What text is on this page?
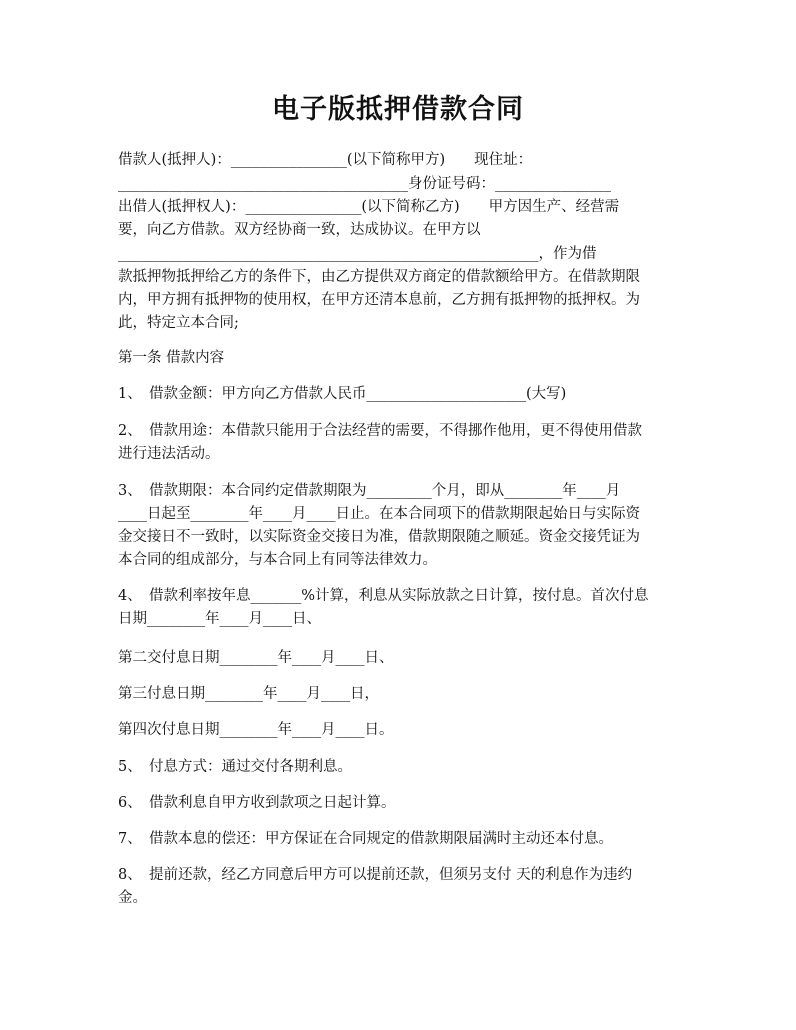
电子版抵押借款合同
借款人(抵押人)：________________(以下简称甲方)　　现住址：
________________________________________身份证号码：________________
出借人(抵押权人)：________________(以下简称乙方)　　甲方因生产、经营需
要，向乙方借款。双方经协商一致，达成协议。在甲方以
__________________________________________________________，作为借
款抵押物抵押给乙方的条件下，由乙方提供双方商定的借款额给甲方。在借款期限
内，甲方拥有抵押物的使用权，在甲方还清本息前，乙方拥有抵押物的抵押权。为
此，特定立本合同;
第一条 借款内容
1、　借款金额：甲方向乙方借款人民币______________________(大写)
2、　借款用途：本借款只能用于合法经营的需要，不得挪作他用，更不得使用借款
进行违法活动。
3、　借款期限：本合同约定借款期限为_________个月，即从________年____月
____日起至________年____月____日止。在本合同项下的借款期限起始日与实际资
金交接日不一致时，以实际资金交接日为准，借款期限随之顺延。资金交接凭证为
本合同的组成部分，与本合同上有同等法律效力。
4、　借款利率按年息_______%计算，利息从实际放款之日计算，按付息。首次付息
日期________年____月____日、
第二交付息日期________年____月____日、
第三付息日期________年____月____日，
第四次付息日期________年____月____日。
5、　付息方式：通过交付各期利息。
6、　借款利息自甲方收到款项之日起计算。
7、　借款本息的偿还：甲方保证在合同规定的借款期限届满时主动还本付息。
8、　提前还款，经乙方同意后甲方可以提前还款，但须另支付 天的利息作为违约
金。
